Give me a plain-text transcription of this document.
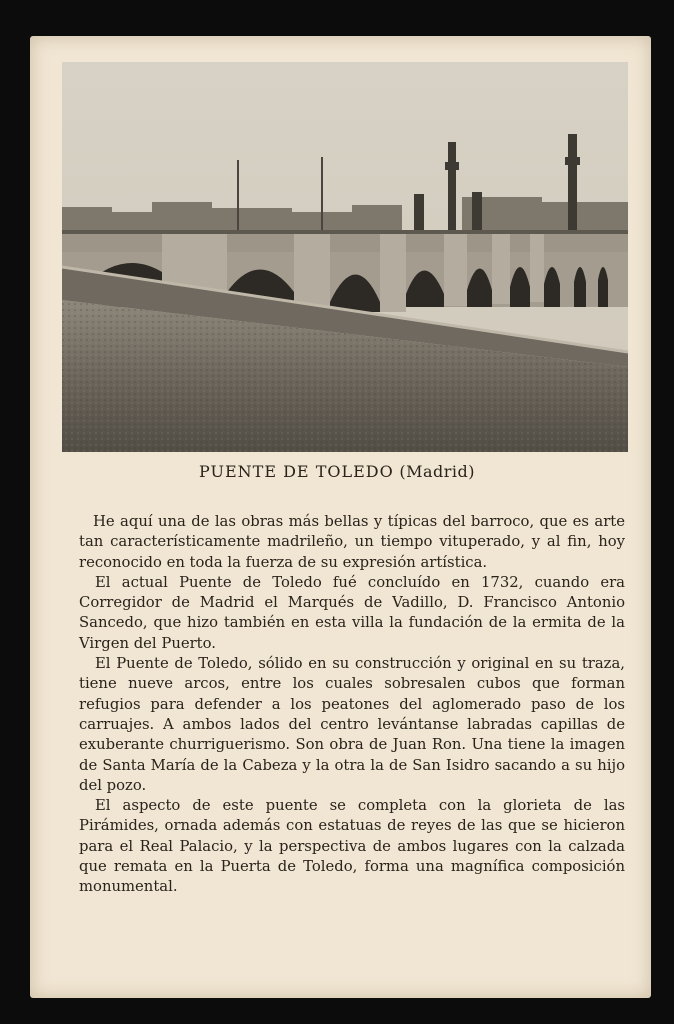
PUENTE DE TOLEDO (Madrid)

He aquí una de las obras más bellas y típicas del barroco, que es arte tan característicamente madrileño, un tiempo vituperado, y al fin, hoy reconocido en toda la fuerza de su expresión artística.

El actual Puente de Toledo fué concluído en 1732, cuando era Corregidor de Madrid el Marqués de Vadillo, D. Francisco Antonio Sancedo, que hizo también en esta villa la fundación de la ermita de la Virgen del Puerto.

El Puente de Toledo, sólido en su construcción y original en su traza, tiene nueve arcos, entre los cuales sobresalen cubos que forman refugios para defender a los peatones del aglomerado paso de los carruajes. A ambos lados del centro levántanse labradas capillas de exuberante churriguerismo. Son obra de Juan Ron. Una tiene la imagen de Santa María de la Cabeza y la otra la de San Isidro sacando a su hijo del pozo.

El aspecto de este puente se completa con la glorieta de las Pirámides, ornada además con estatuas de reyes de las que se hicieron para el Real Palacio, y la perspectiva de ambos lugares con la calzada que remata en la Puerta de Toledo, forma una magnífica composición monumental.
